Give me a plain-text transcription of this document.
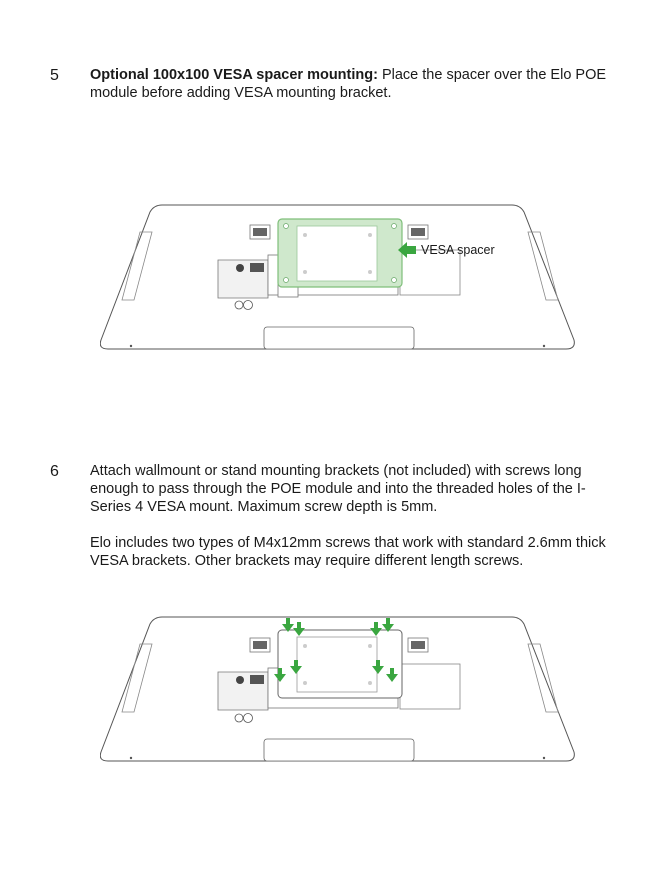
5 Optional 100x100 VESA spacer mounting: Place the spacer over the Elo POE module before adding VESA mounting bracket.

VESA spacer
6 Attach wallmount or stand mounting brackets (not included) with screws long enough to pass through the POE module and into the threaded holes of the I-Series 4 VESA mount. Maximum screw depth is 5mm.

Elo includes two types of M4x12mm screws that work with standard 2.6mm thick VESA brackets. Other brackets may require different length screws.
